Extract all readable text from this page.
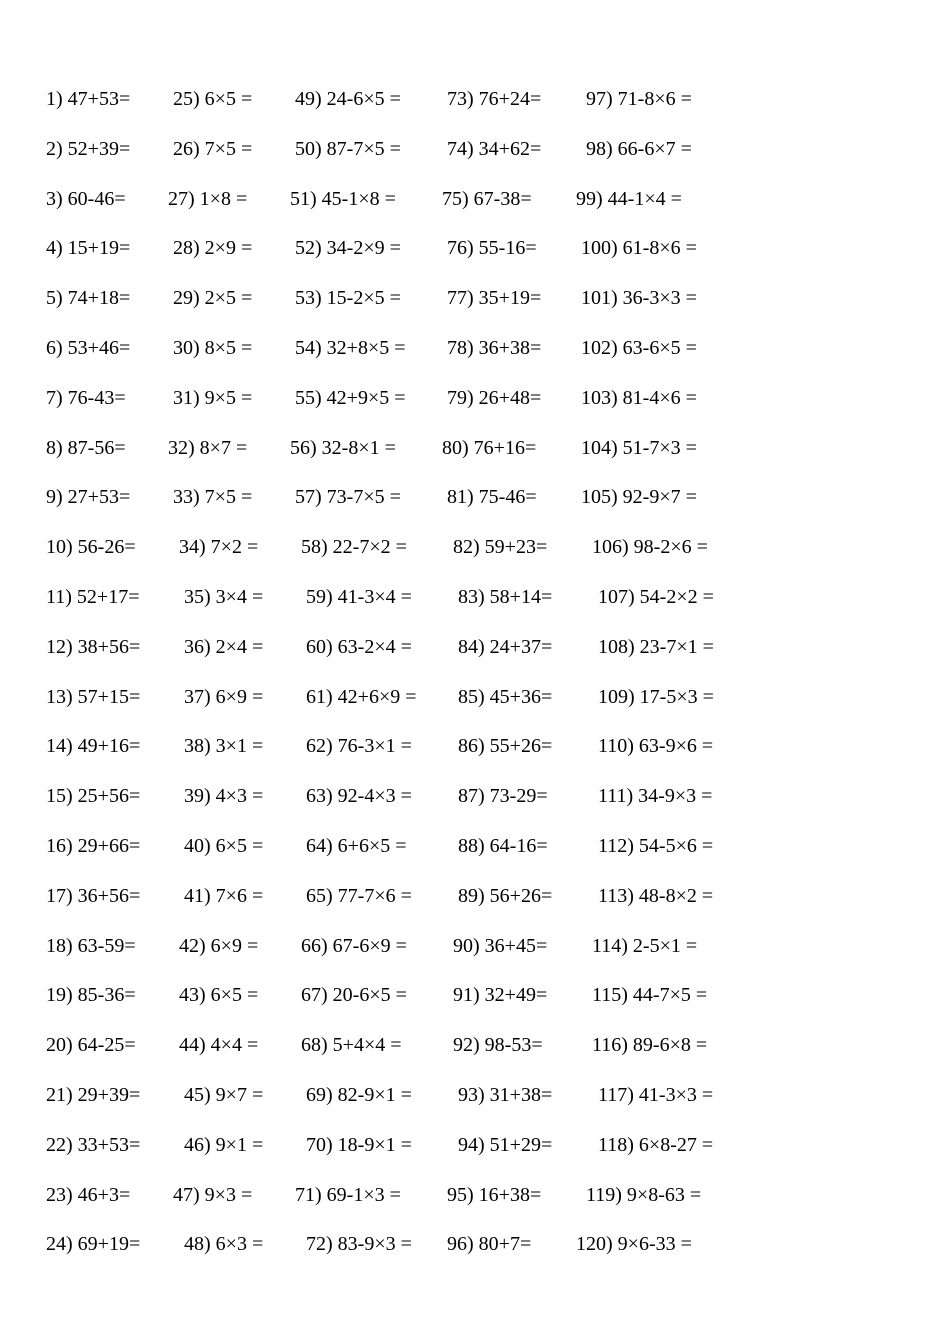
1) 47+53= 25) 6×5 = 49) 24-6×5 = 73) 76+24= 97) 71-8×6 =
2) 52+39= 26) 7×5 = 50) 87-7×5 = 74) 34+62= 98) 66-6×7 =
3) 60-46= 27) 1×8 = 51) 45-1×8 = 75) 67-38= 99) 44-1×4 =
4) 15+19= 28) 2×9 = 52) 34-2×9 = 76) 55-16= 100) 61-8×6 =
5) 74+18= 29) 2×5 = 53) 15-2×5 = 77) 35+19= 101) 36-3×3 =
6) 53+46= 30) 8×5 = 54) 32+8×5 = 78) 36+38= 102) 63-6×5 =
7) 76-43= 31) 9×5 = 55) 42+9×5 = 79) 26+48= 103) 81-4×6 =
8) 87-56= 32) 8×7 = 56) 32-8×1 = 80) 76+16= 104) 51-7×3 =
9) 27+53= 33) 7×5 = 57) 73-7×5 = 81) 75-46= 105) 92-9×7 =
10) 56-26= 34) 7×2 = 58) 22-7×2 = 82) 59+23= 106) 98-2×6 =
11) 52+17= 35) 3×4 = 59) 41-3×4 = 83) 58+14= 107) 54-2×2 =
12) 38+56= 36) 2×4 = 60) 63-2×4 = 84) 24+37= 108) 23-7×1 =
13) 57+15= 37) 6×9 = 61) 42+6×9 = 85) 45+36= 109) 17-5×3 =
14) 49+16= 38) 3×1 = 62) 76-3×1 = 86) 55+26= 110) 63-9×6 =
15) 25+56= 39) 4×3 = 63) 92-4×3 = 87) 73-29=	111) 34-9×3 =
16) 29+66= 40) 6×5 = 64) 6+6×5 =	88) 64-16=	112) 54-5×6 =
17) 36+56= 41) 7×6 = 65) 77-7×6 = 89) 56+26= 113) 48-8×2 =
18) 63-59= 42) 6×9 = 66) 67-6×9 = 90) 36+45= 114) 2-5×1 =
19) 85-36= 43) 6×5 = 67) 20-6×5 = 91) 32+49= 115) 44-7×5 =
20) 64-25= 44) 4×4 = 68) 5+4×4 =	92) 98-53= 116) 89-6×8 =
21) 29+39= 45) 9×7 = 69) 82-9×1 = 93) 31+38= 117) 41-3×3 =
22) 33+53= 46) 9×1 = 70) 18-9×1 = 94) 51+29= 118) 6×8-27 =
23) 46+3= 47) 9×3 = 71) 69-1×3 = 95) 16+38= 119) 9×8-63 =
24) 69+19= 48) 6×3 = 72) 83-9×3 = 96) 80+7= 120) 9×6-33 =
